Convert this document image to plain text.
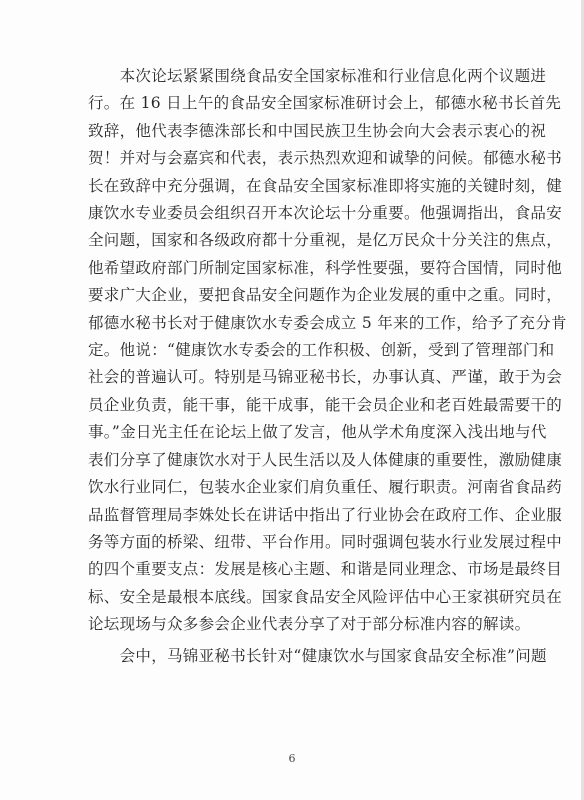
　　本次论坛紧紧围绕食品安全国家标准和行业信息化两个议题进
行。在 16 日上午的食品安全国家标准研讨会上，郁德水秘书长首先
致辞，他代表李德洙部长和中国民族卫生协会向大会表示衷心的祝
贺！并对与会嘉宾和代表，表示热烈欢迎和诚挚的问候。郁德水秘书
长在致辞中充分强调，在食品安全国家标准即将实施的关键时刻，健
康饮水专业委员会组织召开本次论坛十分重要。他强调指出，食品安
全问题，国家和各级政府都十分重视，是亿万民众十分关注的焦点，
他希望政府部门所制定国家标准，科学性要强，要符合国情，同时他
要求广大企业，要把食品安全问题作为企业发展的重中之重。同时，
郁德水秘书长对于健康饮水专委会成立 5 年来的工作，给予了充分肯
定。他说：“健康饮水专委会的工作积极、创新，受到了管理部门和
社会的普遍认可。特别是马锦亚秘书长，办事认真、严谨，敢于为会
员企业负责，能干事，能干成事，能干会员企业和老百姓最需要干的
事。”金日光主任在论坛上做了发言，他从学术角度深入浅出地与代
表们分享了健康饮水对于人民生活以及人体健康的重要性，激励健康
饮水行业同仁，包装水企业家们肩负重任、履行职责。河南省食品药
品监督管理局李姝处长在讲话中指出了行业协会在政府工作、企业服
务等方面的桥梁、纽带、平台作用。同时强调包装水行业发展过程中
的四个重要支点：发展是核心主题、和谐是同业理念、市场是最终目
标、安全是最根本底线。国家食品安全风险评估中心王家祺研究员在
论坛现场与众多参会企业代表分享了对于部分标准内容的解读。
　　会中，马锦亚秘书长针对“健康饮水与国家食品安全标准”问题
6
